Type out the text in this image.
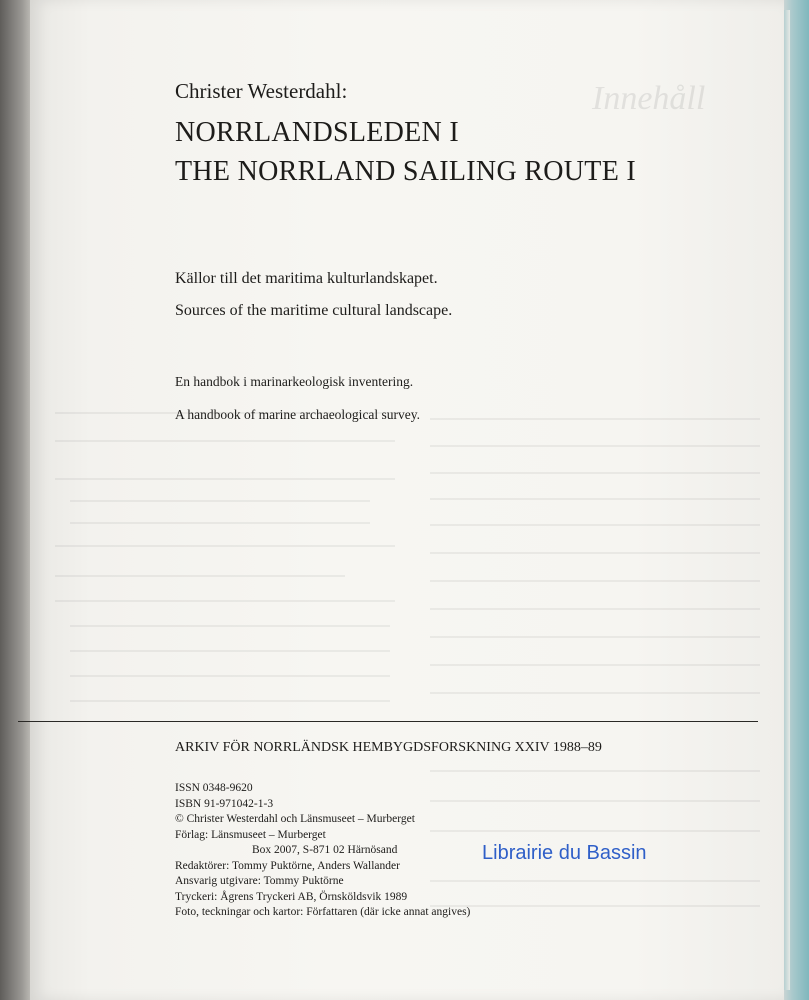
Innehåll
Christer Westerdahl:
NORRLANDSLEDEN I
THE NORRLAND SAILING ROUTE I
Källor till det maritima kulturlandskapet.
Sources of the maritime cultural landscape.
En handbok i marinarkeologisk inventering.
A handbook of marine archaeological survey.
ARKIV FÖR NORRLÄNDSK HEMBYGDSFORSKNING XXIV 1988–89
ISSN 0348-9620
ISBN 91-971042-1-3
© Christer Westerdahl och Länsmuseet – Murberget
Förlag: Länsmuseet – Murberget
Box 2007, S-871 02 Härnösand
Redaktörer: Tommy Puktörne, Anders Wallander
Ansvarig utgivare: Tommy Puktörne
Tryckeri: Ågrens Tryckeri AB, Örnsköldsvik 1989
Foto, teckningar och kartor: Författaren (där icke annat angives)
Librairie du Bassin
